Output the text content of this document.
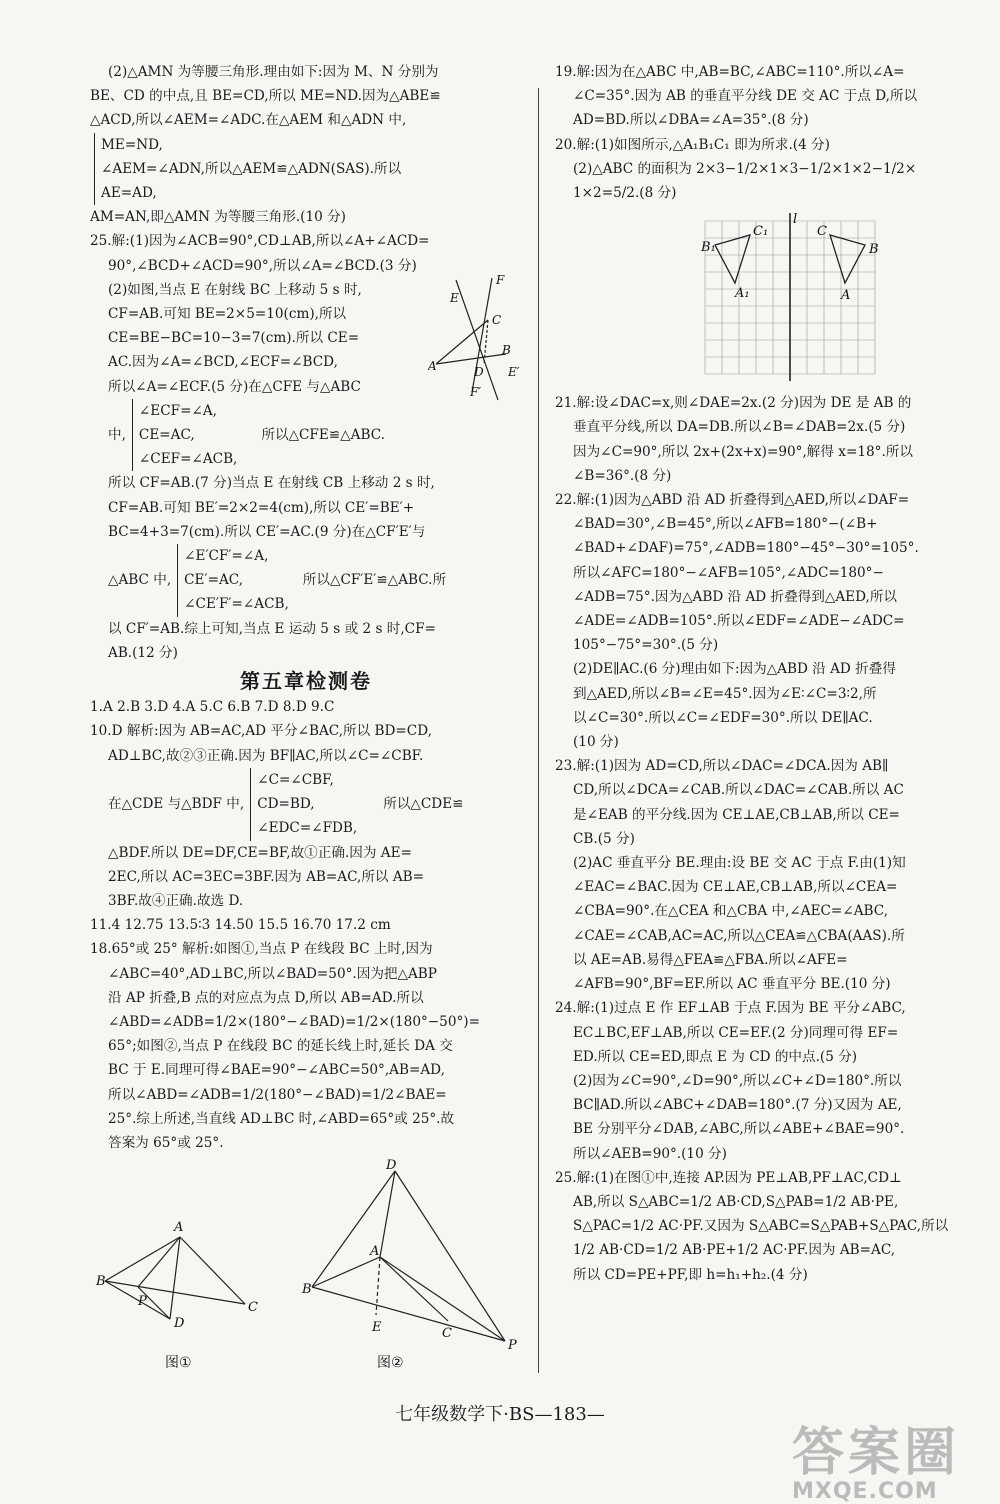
(2)△AMN 为等腰三角形.理由如下:因为 M、N 分别为

BE、CD 的中点,且 BE=CD,所以 ME=ND.因为△ABE≌

△ACD,所以∠AEM=∠ADC.在△AEM 和△ADN 中,

ME=ND,

∠AEM=∠ADN,所以△AEM≌△ADN(SAS).所以

AE=AD,

AM=AN,即△AMN 为等腰三角形.(10 分)

25.解:(1)因为∠ACB=90°,CD⊥AB,所以∠A+∠ACD=

90°,∠BCD+∠ACD=90°,所以∠A=∠BCD.(3 分)

(2)如图,当点 E 在射线 BC 上移动 5 s 时,

CF=AB.可知 BE=2×5=10(cm),所以

CE=BE−BC=10−3=7(cm).所以 CE=

AC.因为∠A=∠BCD,∠ECF=∠BCD,

所以∠A=∠ECF.(5 分)在△CFE 与△ABC

F
E
C
B
A	D E′
F′
中,

∠ECF=∠A,

CE=AC,

∠CEF=∠ACB,

所以△CFE≌△ABC.

所以 CF=AB.(7 分)当点 E 在射线 CB 上移动 2 s 时,

CF=AB.可知 BE′=2×2=4(cm),所以 CE′=BE′+

BC=4+3=7(cm).所以 CE′=AC.(9 分)在△CF′E′与

△ABC 中,

∠E′CF′=∠A,

CE′=AC,

∠CE′F′=∠ACB,

所以△CF′E′≌△ABC.所

以 CF′=AB.综上可知,当点 E 运动 5 s 或 2 s 时,CF=

AB.(12 分)

第五章检测卷

1.A 2.B 3.D 4.A 5.C 6.B 7.D 8.D 9.C

10.D 解析:因为 AB=AC,AD 平分∠BAC,所以 BD=CD,

AD⊥BC,故②③正确.因为 BF∥AC,所以∠C=∠CBF.

在△CDE 与△BDF 中,

∠C=∠CBF,

CD=BD,

∠EDC=∠FDB,

所以△CDE≌

△BDF.所以 DE=DF,CE=BF,故①正确.因为 AE=

2EC,所以 AC=3EC=3BF.因为 AB=AC,所以 AB=

3BF.故④正确.故选 D.

11.4 12.75 13.5∶3 14.50 15.5 16.70 17.2 cm

18.65°或 25° 解析:如图①,当点 P 在线段 BC 上时,因为

∠ABC=40°,AD⊥BC,所以∠BAD=50°.因为把△ABP

沿 AP 折叠,B 点的对应点为点 D,所以 AB=AD.所以

∠ABD=∠ADB=1/2×(180°−∠BAD)=1/2×(180°−50°)=

65°;如图②,当点 P 在线段 BC 的延长线上时,延长 DA 交

BC 于 E.同理可得∠BAE=90°−∠ABC=50°,AB=AD,

所以∠ABD=∠ADB=1/2(180°−∠BAD)=1/2∠BAE=

25°.综上所述,当直线 AD⊥BC 时,∠ABD=65°或 25°.故

答案为 65°或 25°.

A
B
C
P
D
D
A
B
E	C
P
图①	图②

19.解:因为在△ABC 中,AB=BC,∠ABC=110°.所以∠A=

∠C=35°.因为 AB 的垂直平分线 DE 交 AC 于点 D,所以

AD=BD.所以∠DBA=∠A=35°.(8 分)

20.解:(1)如图所示,△A₁B₁C₁ 即为所求.(4 分)

(2)△ABC 的面积为 2×3−1/2×1×3−1/2×1×2−1/2×

1×2=5/2.(8 分)

l
B₁
C₁
A₁
C
B
A

21.解:设∠DAC=x,则∠DAE=2x.(2 分)因为 DE 是 AB 的

垂直平分线,所以 DA=DB.所以∠B=∠DAB=2x.(5 分)

因为∠C=90°,所以 2x+(2x+x)=90°,解得 x=18°.所以

∠B=36°.(8 分)

22.解:(1)因为△ABD 沿 AD 折叠得到△AED,所以∠DAF=

∠BAD=30°,∠B=45°,所以∠AFB=180°−(∠B+

∠BAD+∠DAF)=75°,∠ADB=180°−45°−30°=105°.

所以∠AFC=180°−∠AFB=105°,∠ADC=180°−

∠ADB=75°.因为△ABD 沿 AD 折叠得到△AED,所以

∠ADE=∠ADB=105°.所以∠EDF=∠ADE−∠ADC=

105°−75°=30°.(5 分)

(2)DE∥AC.(6 分)理由如下:因为△ABD 沿 AD 折叠得

到△AED,所以∠B=∠E=45°.因为∠E∶∠C=3∶2,所

以∠C=30°.所以∠C=∠EDF=30°.所以 DE∥AC.

(10 分)

23.解:(1)因为 AD=CD,所以∠DAC=∠DCA.因为 AB∥

CD,所以∠DCA=∠CAB.所以∠DAC=∠CAB.所以 AC

是∠EAB 的平分线.因为 CE⊥AE,CB⊥AB,所以 CE=

CB.(5 分)

(2)AC 垂直平分 BE.理由:设 BE 交 AC 于点 F.由(1)知

∠EAC=∠BAC.因为 CE⊥AE,CB⊥AB,所以∠CEA=

∠CBA=90°.在△CEA 和△CBA 中,∠AEC=∠ABC,

∠CAE=∠CAB,AC=AC,所以△CEA≌△CBA(AAS).所

以 AE=AB.易得△FEA≌△FBA.所以∠AFE=

∠AFB=90°,BF=EF.所以 AC 垂直平分 BE.(10 分)

24.解:(1)过点 E 作 EF⊥AB 于点 F.因为 BE 平分∠ABC,

EC⊥BC,EF⊥AB,所以 CE=EF.(2 分)同理可得 EF=

ED.所以 CE=ED,即点 E 为 CD 的中点.(5 分)

(2)因为∠C=90°,∠D=90°,所以∠C+∠D=180°.所以

BC∥AD.所以∠ABC+∠DAB=180°.(7 分)又因为 AE,

BE 分别平分∠DAB,∠ABC,所以∠ABE+∠BAE=90°.

所以∠AEB=90°.(10 分)

25.解:(1)在图①中,连接 AP.因为 PE⊥AB,PF⊥AC,CD⊥

AB,所以 S△ABC=1/2 AB·CD,S△PAB=1/2 AB·PE,

S△PAC=1/2 AC·PF.又因为 S△ABC=S△PAB+S△PAC,所以

1/2 AB·CD=1/2 AB·PE+1/2 AC·PF.因为 AB=AC,

所以 CD=PE+PF,即 h=h₁+h₂.(4 分)

七年级数学下·BS—183—
答案圈
MXQE.COM
